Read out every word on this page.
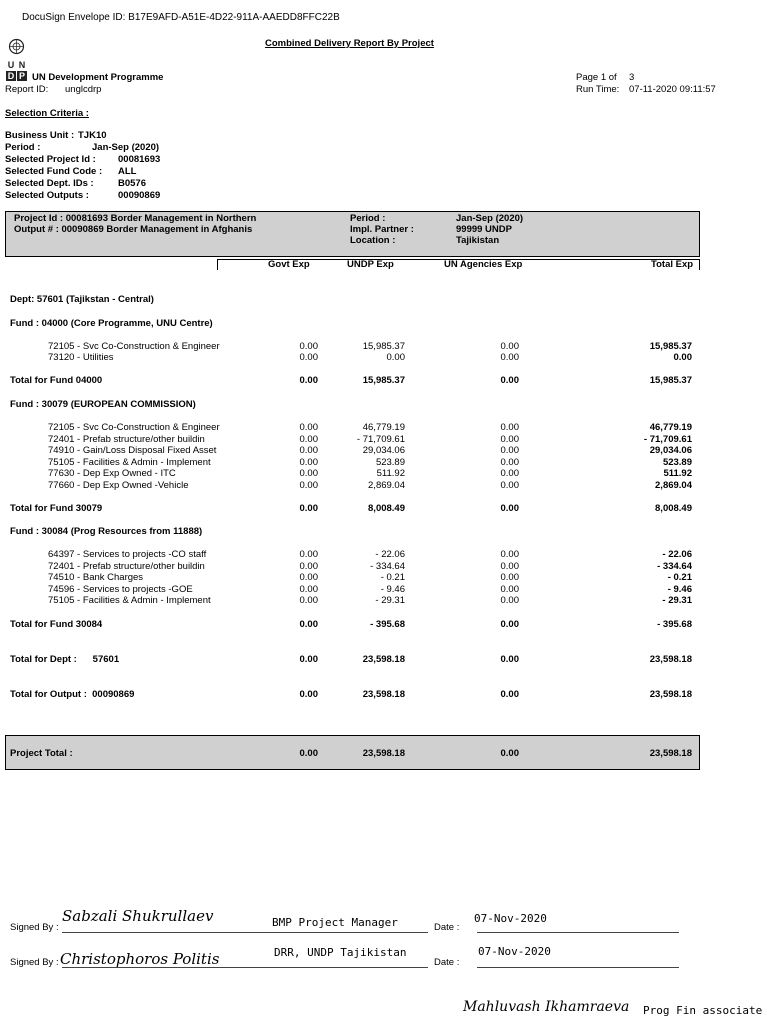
DocuSign Envelope ID: B17E9AFD-A51E-4D22-911A-AAEDD8FFC22B
Combined Delivery Report By Project
U N
D P UN Development Programme
Report ID: unglcdrp
Page 1 of 3
Run Time: 07-11-2020 09:11:57
Selection Criteria :
Business Unit : TJK10
Period :	Jan-Sep (2020)
Selected Project Id : 00081693
Selected Fund Code : ALL
Selected Dept. IDs :	B0576
Selected Outputs :	00090869
Project Id : 00081693 Border Management in Northern
Output # : 00090869 Border Management in Afghanis
Period :	Jan-Sep (2020)
Impl. Partner :	99999 UNDP
Location :	Tajikistan
Govt Exp	UNDP Exp	UN Agencies Exp	Total Exp
Dept: 57601 (Tajikstan - Central)
Fund : 04000 (Core Programme, UNU Centre)
72105 - Svc Co-Construction & Engineer	0.00	15,985.37	0.00	15,985.37
73120 - Utilities	0.00	0.00	0.00	0.00
Total for Fund 04000	0.00	15,985.37	0.00	15,985.37
Fund : 30079 (EUROPEAN COMMISSION)
72105 - Svc Co-Construction & Engineer	0.00	46,779.19	0.00	46,779.19
72401 - Prefab structure/other buildin	0.00	- 71,709.61	0.00	- 71,709.61
74910 - Gain/Loss Disposal Fixed Asset	0.00	29,034.06	0.00	29,034.06
75105 - Facilities & Admin - Implement	0.00	523.89	0.00	523.89
77630 - Dep Exp Owned - ITC	0.00	511.92	0.00	511.92
77660 - Dep Exp Owned -Vehicle	0.00	2,869.04	0.00	2,869.04
Total for Fund 30079	0.00	8,008.49	0.00	8,008.49
Fund : 30084 (Prog Resources from 11888)
64397 - Services to projects -CO staff	0.00	- 22.06	0.00	- 22.06
72401 - Prefab structure/other buildin	0.00	- 334.64	0.00	- 334.64
74510 - Bank Charges	0.00	- 0.21	0.00	- 0.21
74596 - Services to projects -GOE	0.00	- 9.46	0.00	- 9.46
75105 - Facilities & Admin - Implement	0.00	- 29.31	0.00	- 29.31
Total for Fund 30084	0.00	- 395.68	0.00	- 395.68
Total for Dept :      57601	0.00	23,598.18	0.00	23,598.18
Total for Output :  00090869	0.00	23,598.18	0.00	23,598.18
Project Total :	0.00	23,598.18	0.00	23,598.18
Signed By :
Sabzali Shukrullaev	BMP Project Manager	Date :
07-Nov-2020
Signed By : Christophoros Politis	DRR, UNDP Tajikistan
Date :
07-Nov-2020
Mahluvash Ikhamraeva Prog Fin associate
